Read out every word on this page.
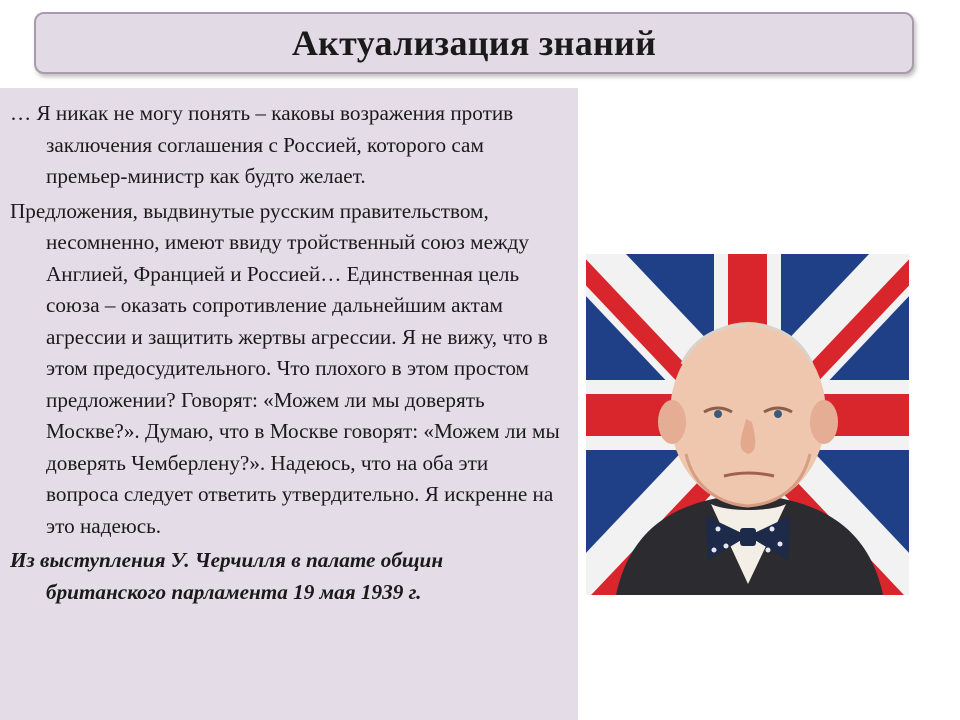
Актуализация знаний

… Я никак не могу понять – каковы возражения против заключения соглашения с Россией, которого сам премьер-министр как будто желает.

Предложения, выдвинутые русским правительством, несомненно, имеют ввиду тройственный союз между Англией, Францией и Россией… Единственная цель союза – оказать сопротивление дальнейшим актам агрессии и защитить жертвы агрессии. Я не вижу, что в этом предосудительного. Что плохого в этом простом предложении? Говорят: «Можем ли мы доверять Москве?». Думаю, что в Москве говорят: «Можем ли мы доверять Чемберлену?». Надеюсь, что на оба эти вопроса следует ответить утвердительно. Я искренне на это надеюсь.

Из выступления У. Черчилля в палате общин британского парламента 19 мая 1939 г.
